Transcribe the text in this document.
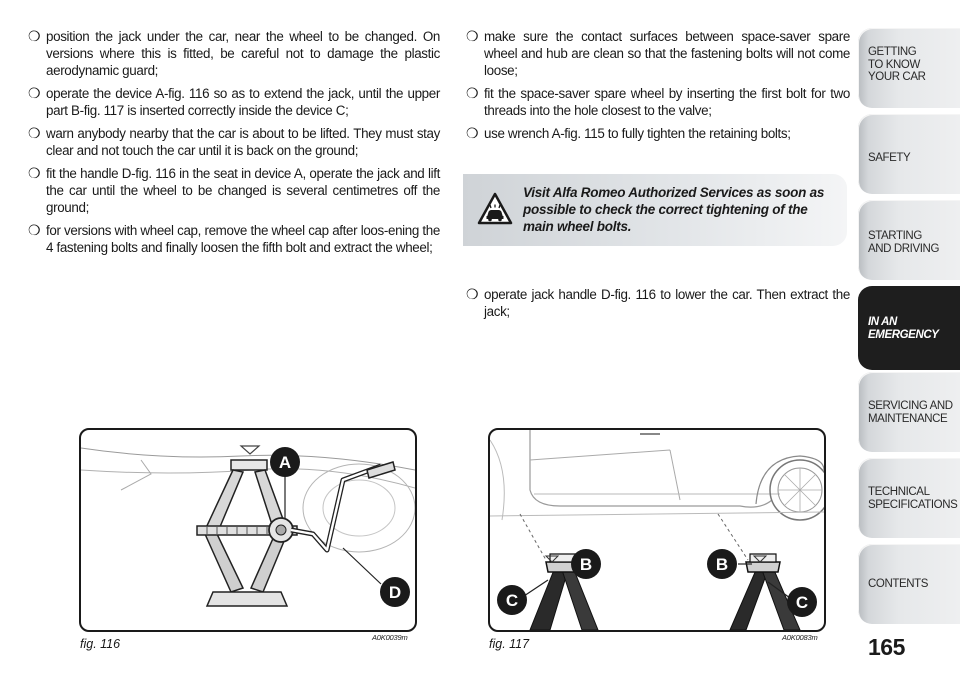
❍ position the jack under the car, near the wheel to be changed. On versions where this is fitted, be careful not to damage the plastic aerodynamic guard;
❍ operate the device A-fig. 116 so as to extend the jack, until the upper part B-fig. 117 is inserted correctly inside the device C;
❍ warn anybody nearby that the car is about to be lifted. They must stay clear and not touch the car until it is back on the ground;
❍ fit the handle D-fig. 116 in the seat in device A, operate the jack and lift the car until the wheel to be changed is several centimetres off the ground;
❍ for versions with wheel cap, remove the wheel cap after loos-ening the 4 fastening bolts and finally loosen the fifth bolt and extract the wheel;
❍ make sure the contact surfaces between space-saver spare wheel and hub are clean so that the fastening bolts will not come loose;
❍ fit the space-saver spare wheel by inserting the first bolt for two threads into the hole closest to the valve;
❍ use wrench A-fig. 115 to fully tighten the retaining bolts;
Visit Alfa Romeo Authorized Services as soon as possible to check the correct tightening of the main wheel bolts.
❍ operate jack handle D-fig. 116 to lower the car. Then extract the jack;
A
D
B
C
B
C
fig. 116	A0K0039m	fig. 117	A0K0083m 165
GETTING
TO KNOW
YOUR CAR
SAFETY
STARTING
AND DRIVING
IN AN
EMERGENCY
SERVICING AND
MAINTENANCE
TECHNICAL
SPECIFICATIONS
CONTENTS
